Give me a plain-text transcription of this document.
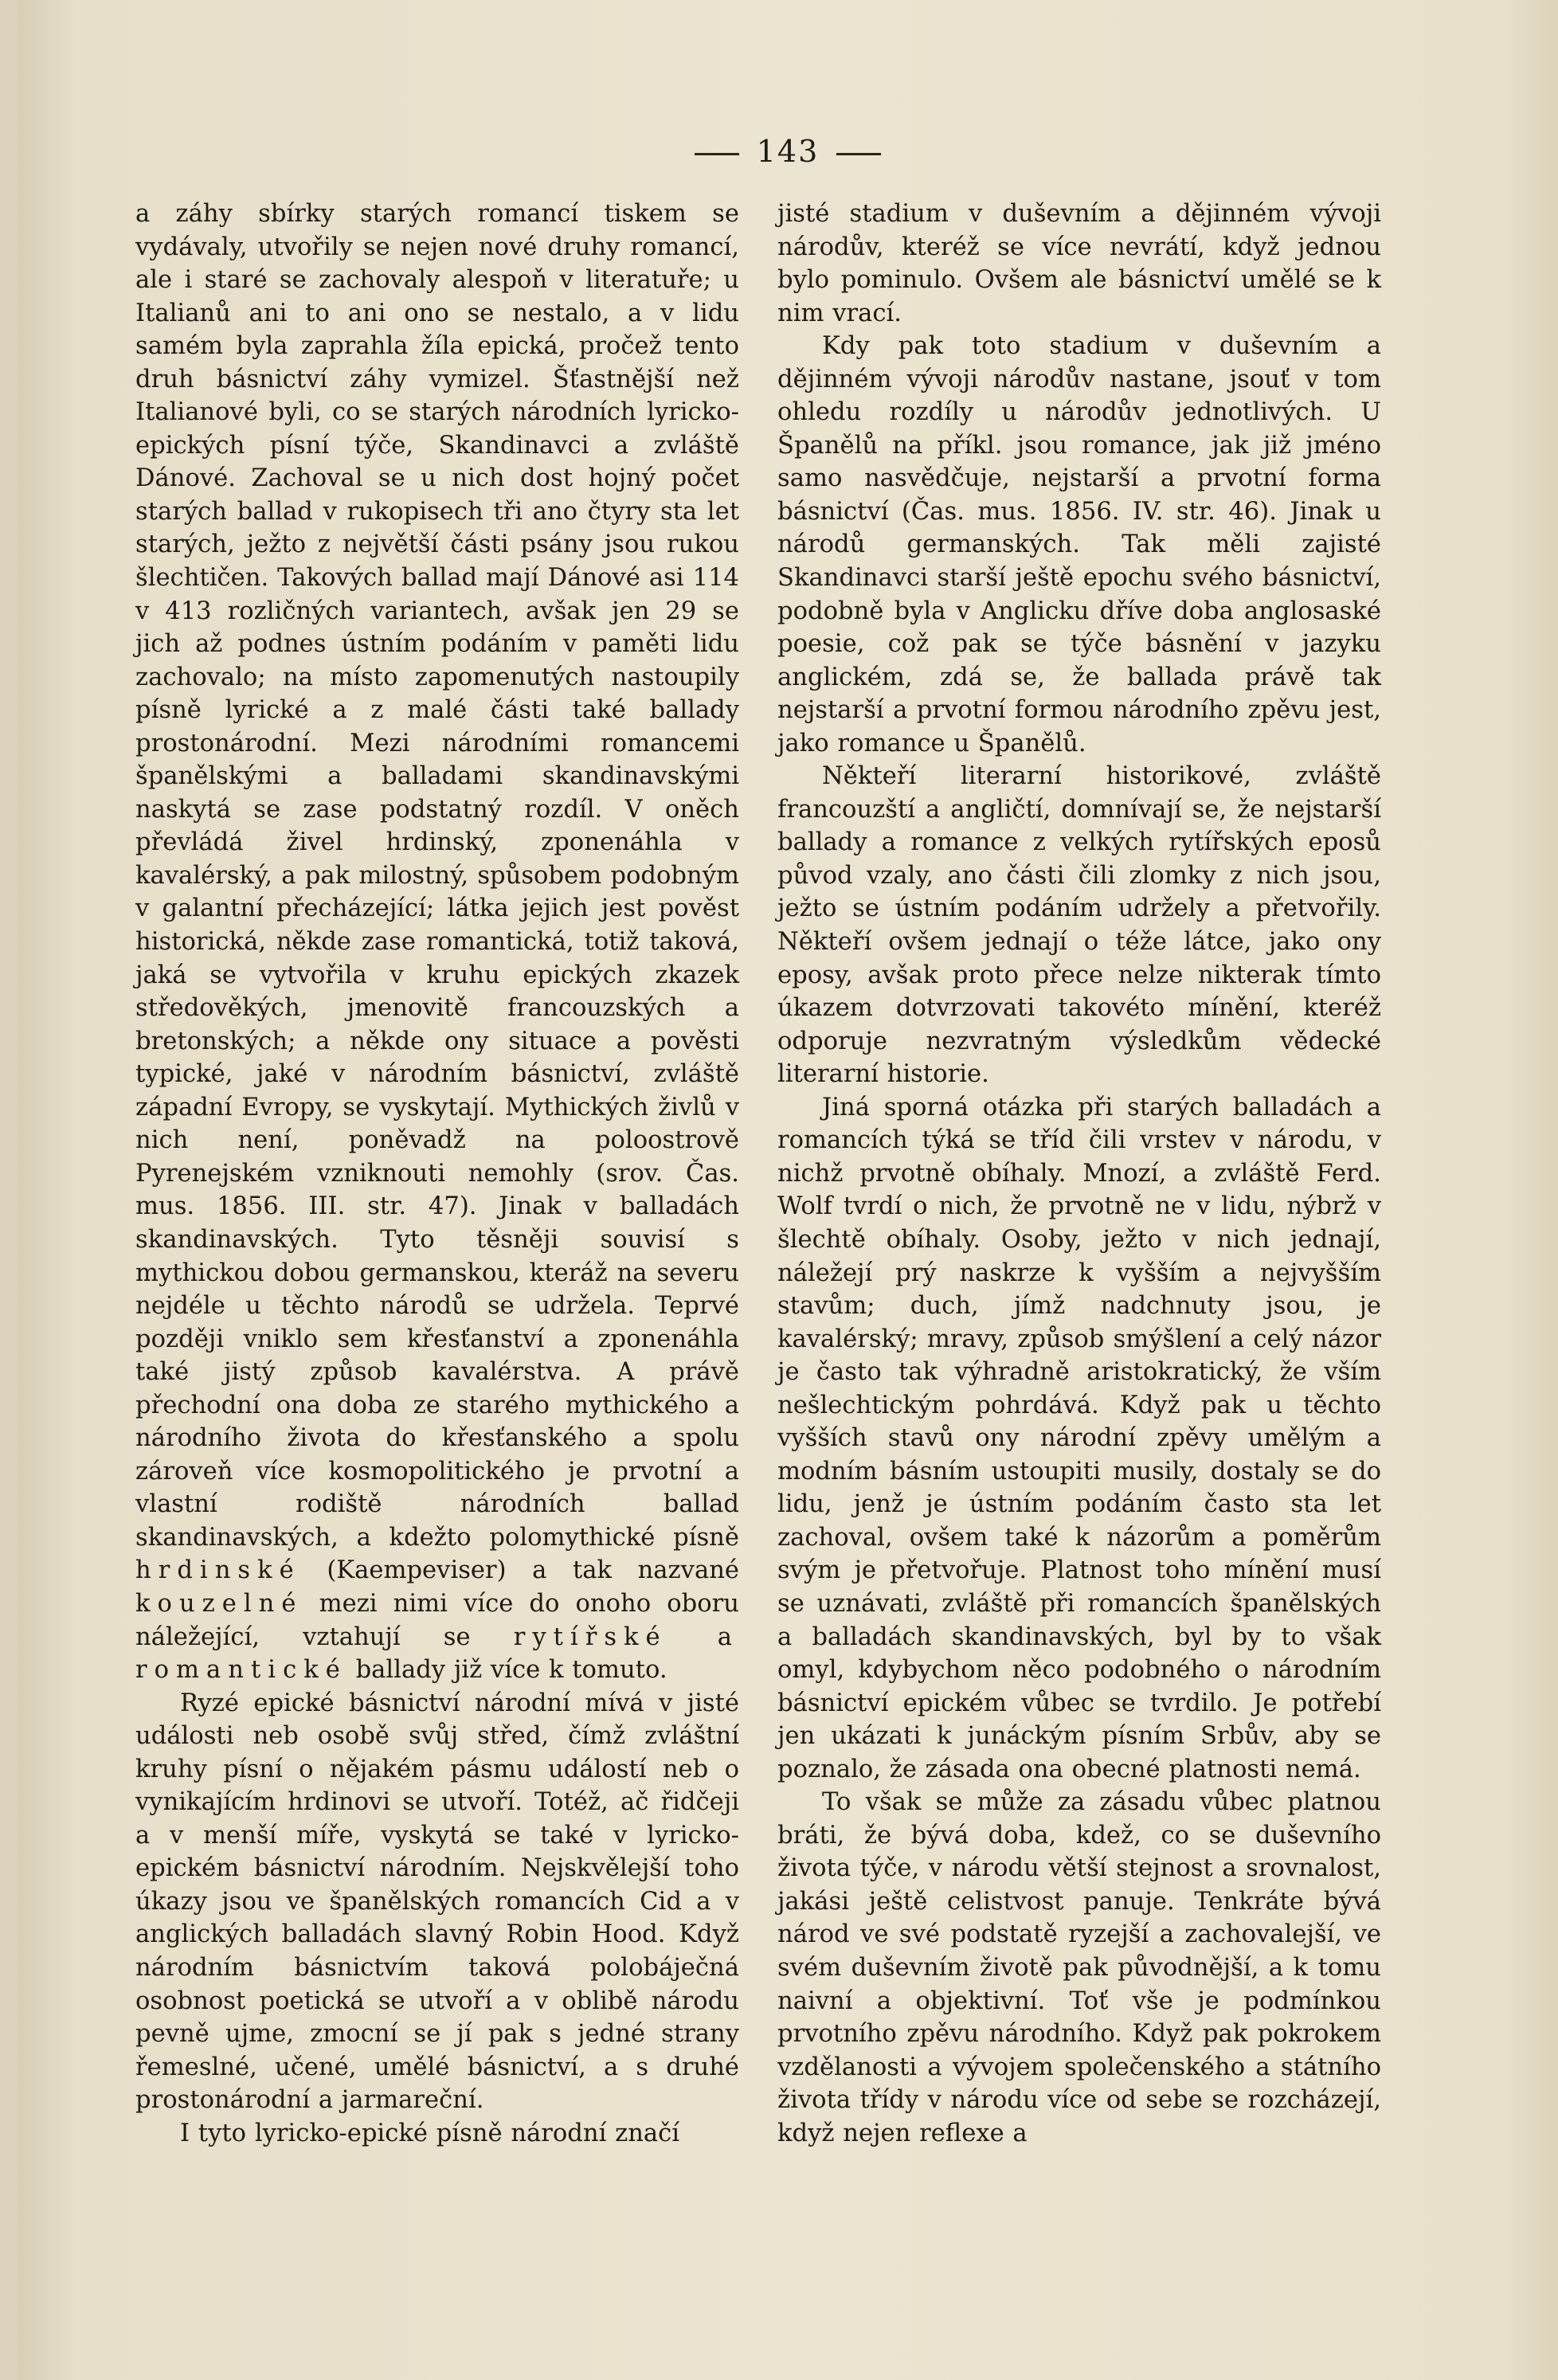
143

a záhy sbírky starých romancí tiskem se vydávaly, utvořily se nejen nové druhy romancí, ale i staré se zachovaly alespoň v literatuře; u Italianů ani to ani ono se nestalo, a v lidu samém byla zaprahla žíla epická, pročež tento druh básnictví záhy vymizel. Šťastnější než Italianové byli, co se starých národních lyricko-epických písní týče, Skandinavci a zvláště Dánové. Zachoval se u nich dost hojný počet starých ballad v rukopisech tři ano čtyry sta let starých, ježto z největší části psány jsou rukou šlechtičen. Takových ballad mají Dánové asi 114 v 413 rozličných variantech, avšak jen 29 se jich až podnes ústním podáním v paměti lidu zachovalo; na místo zapomenutých nastoupily písně lyrické a z malé části také ballady prostonárodní. Mezi národními romancemi španělskými a balladami skandinavskými naskytá se zase podstatný rozdíl. V oněch převládá živel hrdinský, zponenáhla v kavalérský, a pak milostný, spůsobem podobným v galantní přecházející; látka jejich jest pověst historická, někde zase romantická, totiž taková, jaká se vytvořila v kruhu epických zkazek středověkých, jmenovitě francouzských a bretonských; a někde ony situace a pověsti typické, jaké v národním básnictví, zvláště západní Evropy, se vyskytají. Mythických živlů v nich není, poněvadž na poloostrově Pyrenejském vzniknouti nemohly (srov. Čas. mus. 1856. III. str. 47). Jinak v balladách skandinavských. Tyto těsněji souvisí s mythickou dobou germanskou, kteráž na severu nejdéle u těchto národů se udržela. Teprvé později vniklo sem křesťanství a zponenáhla také jistý způsob kavalérstva. A právě přechodní ona doba ze starého mythického a národního života do křesťanského a spolu zároveň více kosmopolitického je prvotní a vlastní rodiště národních ballad skandinavských, a kdežto polomythické písně hrdinské (Kaempeviser) a tak nazvané kouzelné mezi nimi více do onoho oboru náležející, vztahují se rytířské a romantické ballady již více k tomuto.

Ryzé epické básnictví národní mívá v jisté události neb osobě svůj střed, čímž zvláštní kruhy písní o nějakém pásmu událostí neb o vynikajícím hrdinovi se utvoří. Totéž, ač řidčeji a v menší míře, vyskytá se také v lyricko-epickém básnictví národním. Nejskvělejší toho úkazy jsou ve španělských romancích Cid a v anglických balladách slavný Robin Hood. Když národním básnictvím taková polobáječná osobnost poetická se utvoří a v oblibě národu pevně ujme, zmocní se jí pak s jedné strany řemeslné, učené, umělé básnictví, a s druhé prostonárodní a jarmareční.

I tyto lyricko-epické písně národní značí

jisté stadium v duševním a dějinném vývoji národův, kteréž se více nevrátí, když jednou bylo pominulo. Ovšem ale básnictví umělé se k nim vrací.

Kdy pak toto stadium v duševním a dějinném vývoji národův nastane, jsouť v tom ohledu rozdíly u národův jednotlivých. U Španělů na příkl. jsou romance, jak již jméno samo nasvědčuje, nejstarší a prvotní forma básnictví (Čas. mus. 1856. IV. str. 46). Jinak u národů germanských. Tak měli zajisté Skandinavci starší ještě epochu svého básnictví, podobně byla v Anglicku dříve doba anglosaské poesie, což pak se týče básnění v jazyku anglickém, zdá se, že ballada právě tak nejstarší a prvotní formou národního zpěvu jest, jako romance u Španělů.

Někteří literarní historikové, zvláště francouzští a angličtí, domnívají se, že nejstarší ballady a romance z velkých rytířských eposů původ vzaly, ano části čili zlomky z nich jsou, ježto se ústním podáním udržely a přetvořily. Někteří ovšem jednají o téže látce, jako ony eposy, avšak proto přece nelze nikterak tímto úkazem dotvrzovati takovéto mínění, kteréž odporuje nezvratným výsledkům vědecké literarní historie.

Jiná sporná otázka při starých balladách a romancích týká se tříd čili vrstev v národu, v nichž prvotně obíhaly. Mnozí, a zvláště Ferd. Wolf tvrdí o nich, že prvotně ne v lidu, nýbrž v šlechtě obíhaly. Osoby, ježto v nich jednají, náležejí prý naskrze k vyšším a nejvyšším stavům; duch, jímž nadchnuty jsou, je kavalérský; mravy, způsob smýšlení a celý názor je často tak výhradně aristokratický, že vším nešlechtickým pohrdává. Když pak u těchto vyšších stavů ony národní zpěvy umělým a modním básním ustoupiti musily, dostaly se do lidu, jenž je ústním podáním často sta let zachoval, ovšem také k názorům a poměrům svým je přetvořuje. Platnost toho mínění musí se uznávati, zvláště při romancích španělských a balladách skandinavských, byl by to však omyl, kdybychom něco podobného o národním básnictví epickém vůbec se tvrdilo. Je potřebí jen ukázati k junáckým písním Srbův, aby se poznalo, že zásada ona obecné platnosti nemá.

To však se může za zásadu vůbec platnou bráti, že bývá doba, kdež, co se duševního života týče, v národu větší stejnost a srovnalost, jakási ještě celistvost panuje. Tenkráte bývá národ ve své podstatě ryzejší a zachovalejší, ve svém duševním životě pak původnější, a k tomu naivní a objektivní. Toť vše je podmínkou prvotního zpěvu národního. Když pak pokrokem vzdělanosti a vývojem společenského a státního života třídy v národu více od sebe se rozcházejí, když nejen reflexe a
